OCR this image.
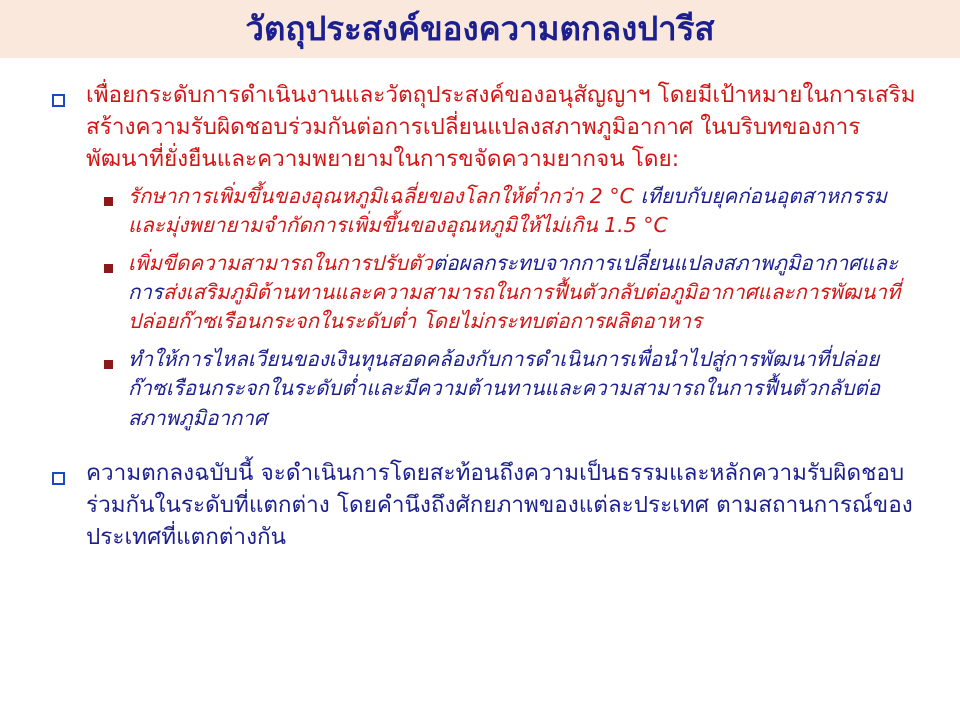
วัตถุประสงค์ของความตกลงปารีส
เพื่อยกระดับการดำเนินงานและวัตถุประสงค์ของอนุสัญญาฯ โดยมีเป้าหมายในการเสริมสร้างความรับผิดชอบร่วมกันต่อการเปลี่ยนแปลงสภาพภูมิอากาศ ในบริบทของการพัฒนาที่ยั่งยืนและความพยายามในการขจัดความยากจน โดย:
รักษาการเพิ่มขึ้นของอุณหภูมิเฉลี่ยของโลกให้ต่ำกว่า 2 °C เทียบกับยุคก่อนอุตสาหกรรม และมุ่งพยายามจำกัดการเพิ่มขึ้นของอุณหภูมิให้ไม่เกิน 1.5 °C
เพิ่มขีดความสามารถในการปรับตัวต่อผลกระทบจากการเปลี่ยนแปลงสภาพภูมิอากาศและการส่งเสริมภูมิต้านทานและความสามารถในการฟื้นตัวกลับต่อภูมิอากาศและการพัฒนาที่ปล่อยก๊าซเรือนกระจกในระดับต่ำ โดยไม่กระทบต่อการผลิตอาหาร
ทำให้การไหลเวียนของเงินทุนสอดคล้องกับการดำเนินการเพื่อนำไปสู่การพัฒนาที่ปล่อยก๊าซเรือนกระจกในระดับต่ำและมีความต้านทานและความสามารถในการฟื้นตัวกลับต่อสภาพภูมิอากาศ
ความตกลงฉบับนี้ จะดำเนินการโดยสะท้อนถึงความเป็นธรรมและหลักความรับผิดชอบร่วมกันในระดับที่แตกต่าง โดยคำนึงถึงศักยภาพของแต่ละประเทศ ตามสถานการณ์ของประเทศที่แตกต่างกัน
